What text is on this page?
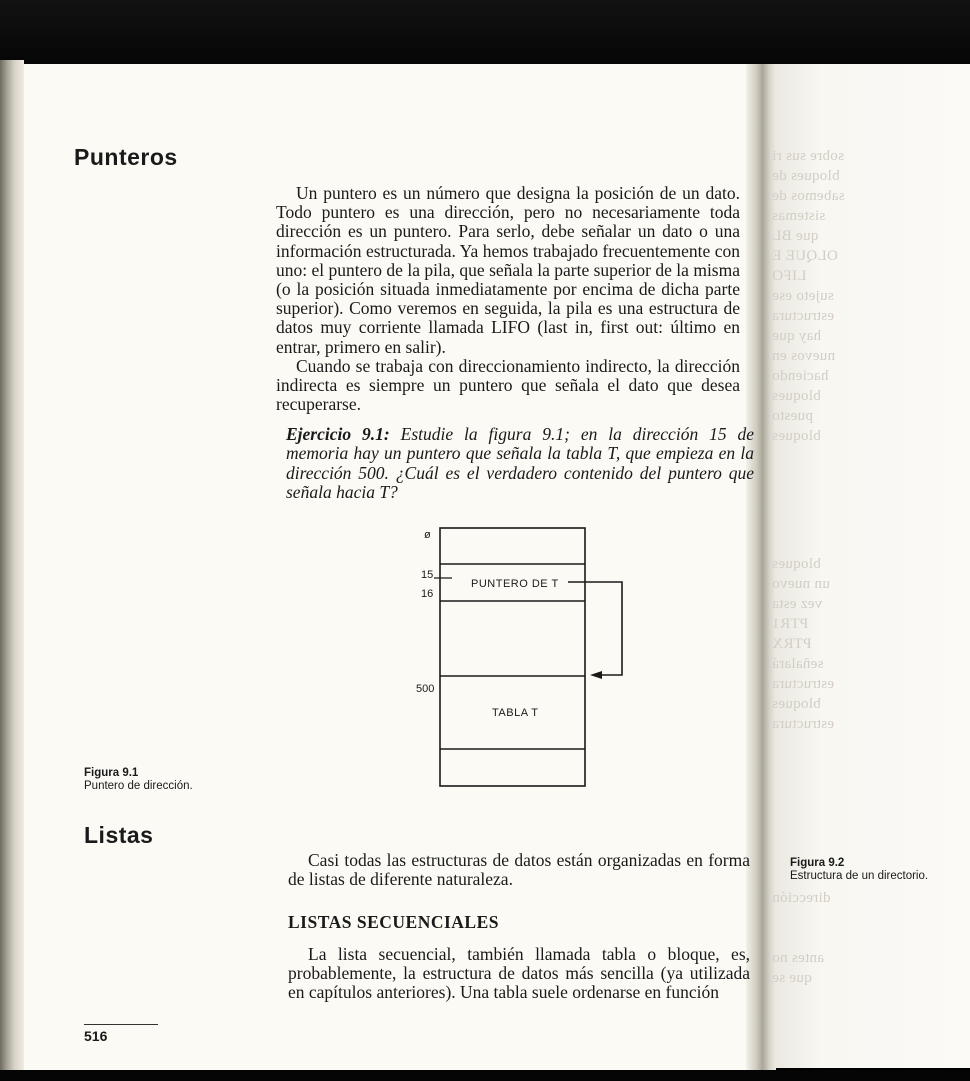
sobre sus ri
bloques de
sabemos de
sistemas
que BL
OLQUE E
LIFO
sujeto ese
estructura
hay que
nuevos en
haciendo
bloques
puesto
bloques
bloques
un nuevo
vez esta
PTR1
PTRX
señalará
estructura
bloques
estructura
dirección
antes no
que se
Punteros

Un puntero es un número que designa la posición de un dato. Todo puntero es una dirección, pero no necesariamente toda dirección es un puntero. Para serlo, debe señalar un dato o una información estructurada. Ya hemos trabajado frecuentemente con uno: el puntero de la pila, que señala la parte superior de la misma (o la posición situada inmediatamente por encima de dicha parte superior). Como veremos en seguida, la pila es una estructura de datos muy corriente llamada LIFO (last in, first out: último en entrar, primero en salir).

Cuando se trabaja con direccionamiento indirecto, la dirección indirecta es siempre un puntero que señala el dato que desea recuperarse.

Ejercicio 9.1: Estudie la figura 9.1; en la dirección 15 de memoria hay un puntero que señala la tabla T, que empieza en la dirección 500. ¿Cuál es el verdadero contenido del puntero que señala hacia T?
ø
15
16
500
PUNTERO DE T
TABLA T
Figura 9.1
Puntero de dirección.
Listas

Casi todas las estructuras de datos están organizadas en forma de listas de diferente naturaleza.

LISTAS SECUENCIALES

La lista secuencial, también llamada tabla o bloque, es, probablemente, la estructura de datos más sencilla (ya utilizada en capítulos anteriores). Una tabla suele ordenarse en función

Figura 9.2
Estructura de un directorio.
516
